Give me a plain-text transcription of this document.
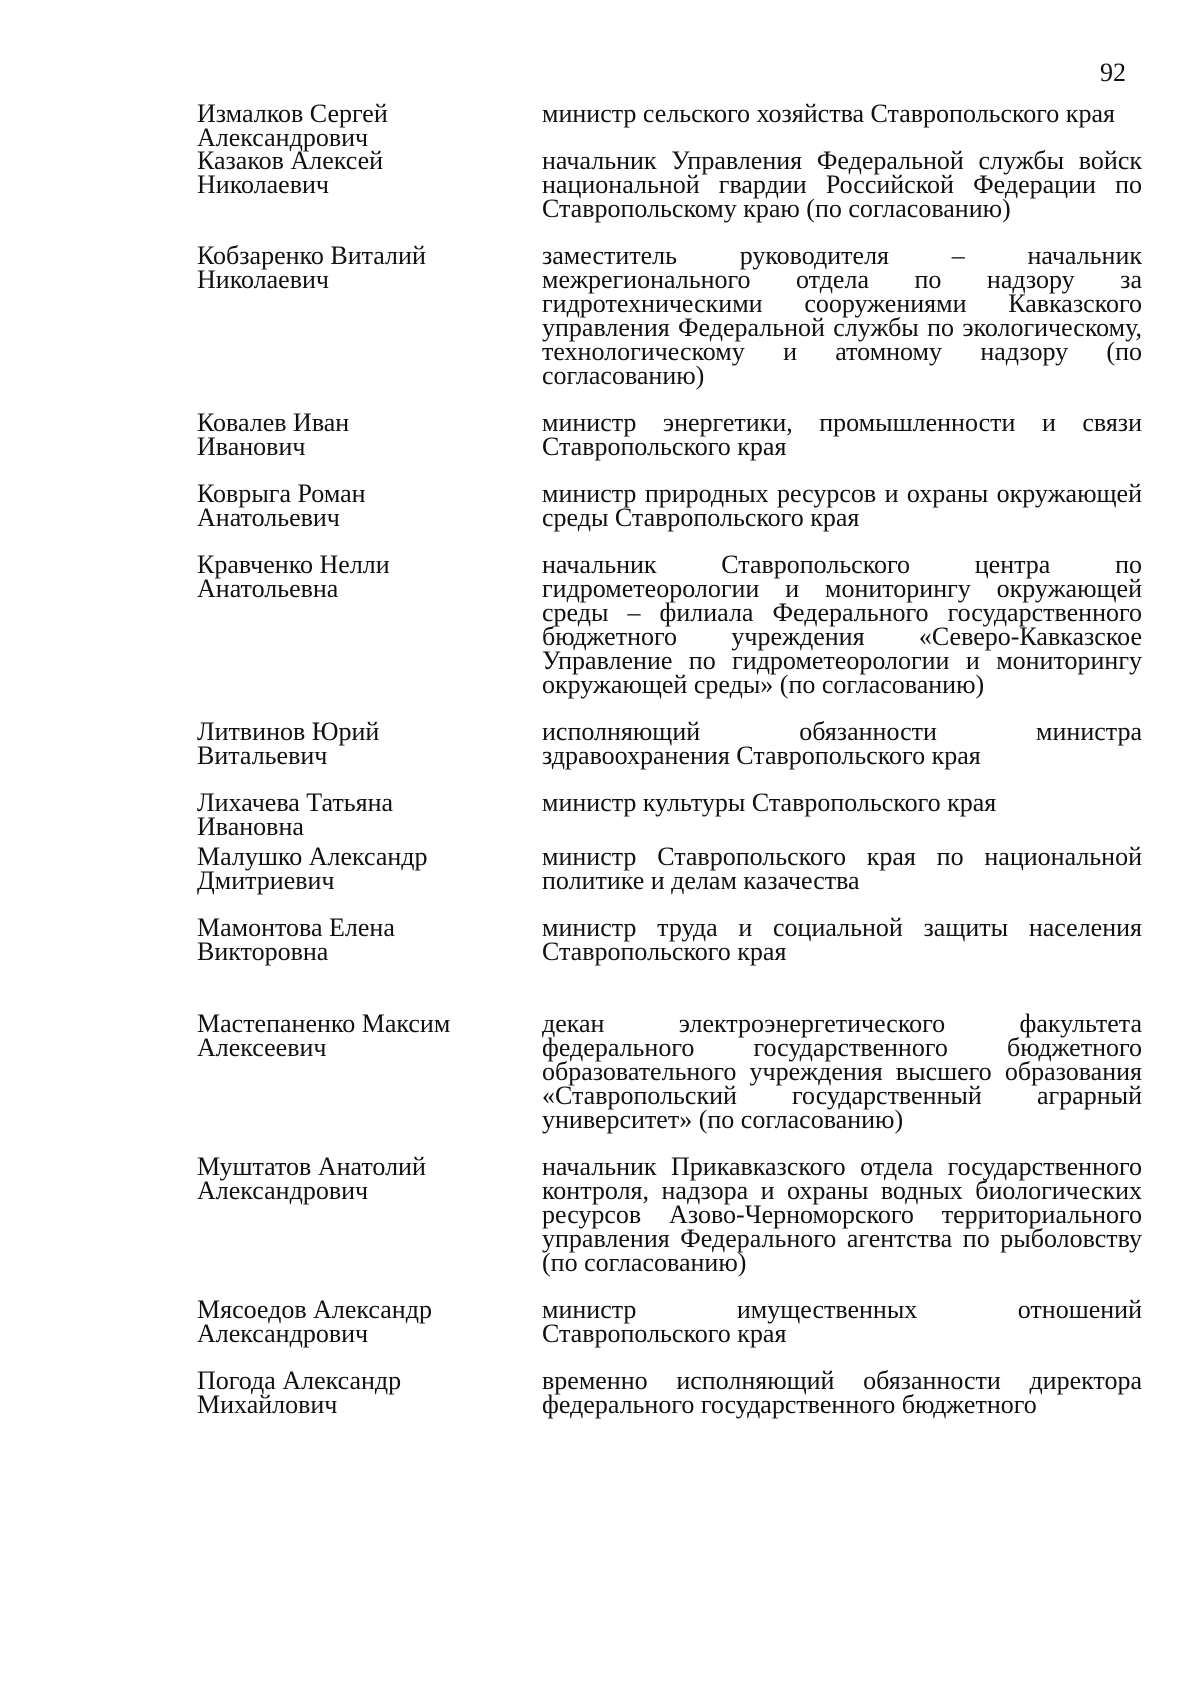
92
Измалков Сергей
Александрович
министр сельского хозяйства Ставропольского края
Казаков Алексей
Николаевич
начальник Управления Федеральной службы войск национальной гвардии Российской Федерации по Ставропольскому краю (по согласованию)
Кобзаренко Виталий
Николаевич
заместитель руководителя – начальник межрегионального отдела по надзору за гидротехническими сооружениями Кавказского управления Федеральной службы по экологическому, технологическому и атомному надзору (по согласованию)
Ковалев Иван
Иванович
министр энергетики, промышленности и связи Ставропольского края
Коврыга Роман
Анатольевич
министр природных ресурсов и охраны окружающей среды Ставропольского края
Кравченко Нелли
Анатольевна
начальник Ставропольского центра по гидрометеорологии и мониторингу окружающей среды – филиала Федерального государственного бюджетного учреждения «Северо-Кавказское Управление по гидрометеорологии и мониторингу окружающей среды» (по согласованию)
Литвинов Юрий
Витальевич
исполняющий обязанности министра здравоохранения Ставропольского края
Лихачева Татьяна
Ивановна
министр культуры Ставропольского края
Малушко Александр
Дмитриевич
министр Ставропольского края по национальной политике и делам казачества
Мамонтова Елена
Викторовна
министр труда и социальной защиты населения Ставропольского края
Мастепаненко Максим
Алексеевич
декан электроэнергетического факультета федерального государственного бюджетного образовательного учреждения высшего образования «Ставропольский государственный аграрный университет» (по согласованию)
Муштатов Анатолий
Александрович
начальник Прикавказского отдела государственного контроля, надзора и охраны водных биологических ресурсов Азово-Черноморского территориального управления Федерального агентства по рыболовству (по согласованию)
Мясоедов Александр
Александрович
министр имущественных отношений Ставропольского края
Погода Александр
Михайлович
временно исполняющий обязанности директора федерального государственного бюджетного
